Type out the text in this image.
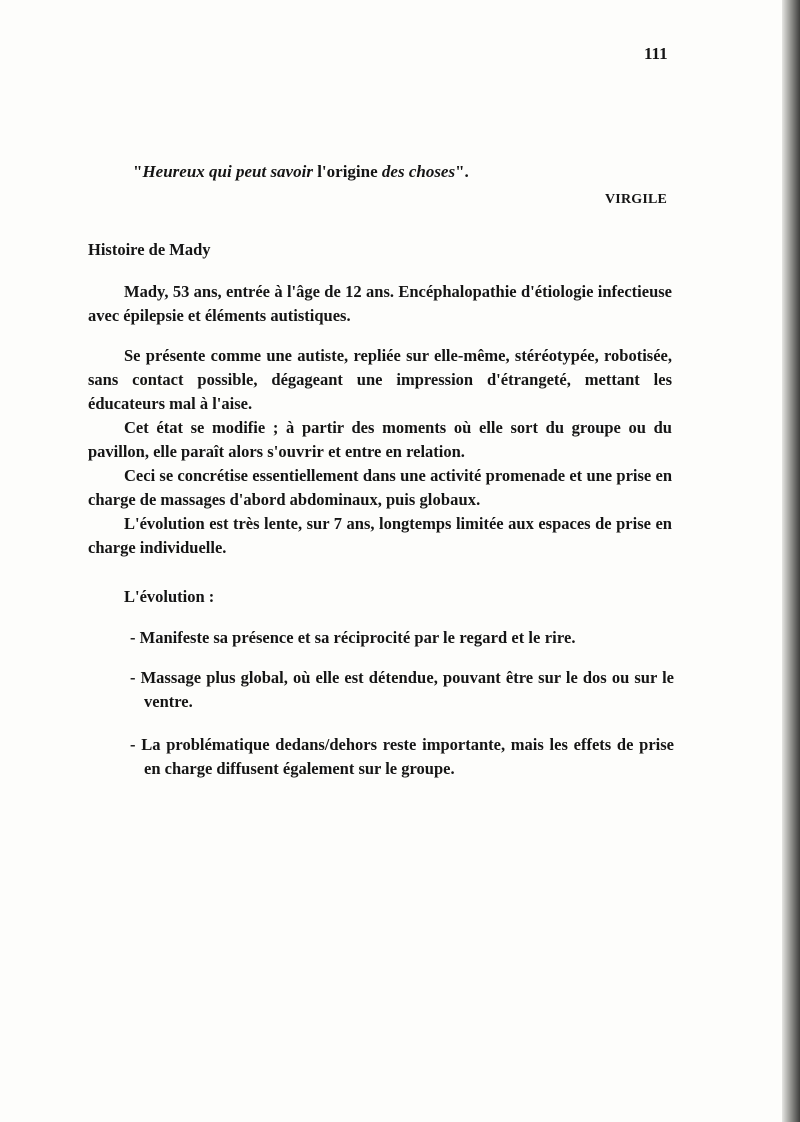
111
"Heureux qui peut savoir l'origine des choses".
VIRGILE
Histoire de Mady

Mady, 53 ans, entrée à l'âge de 12 ans. Encéphalopathie d'étiologie infectieuse avec épilepsie et éléments autistiques.

Se présente comme une autiste, repliée sur elle-même, stéréotypée, robotisée, sans contact possible, dégageant une impression d'étrangeté, mettant les éducateurs mal à l'aise.

Cet état se modifie ; à partir des moments où elle sort du groupe ou du pavillon, elle paraît alors s'ouvrir et entre en relation.

Ceci se concrétise essentiellement dans une activité promenade et une prise en charge de massages d'abord abdominaux, puis globaux.

L'évolution est très lente, sur 7 ans, longtemps limitée aux espaces de prise en charge individuelle.

L'évolution :
- Manifeste sa présence et sa réciprocité par le regard et le rire.
- Massage plus global, où elle est détendue, pouvant être sur le dos ou sur le ventre.
- La problématique dedans/dehors reste importante, mais les effets de prise en charge diffusent également sur le groupe.
